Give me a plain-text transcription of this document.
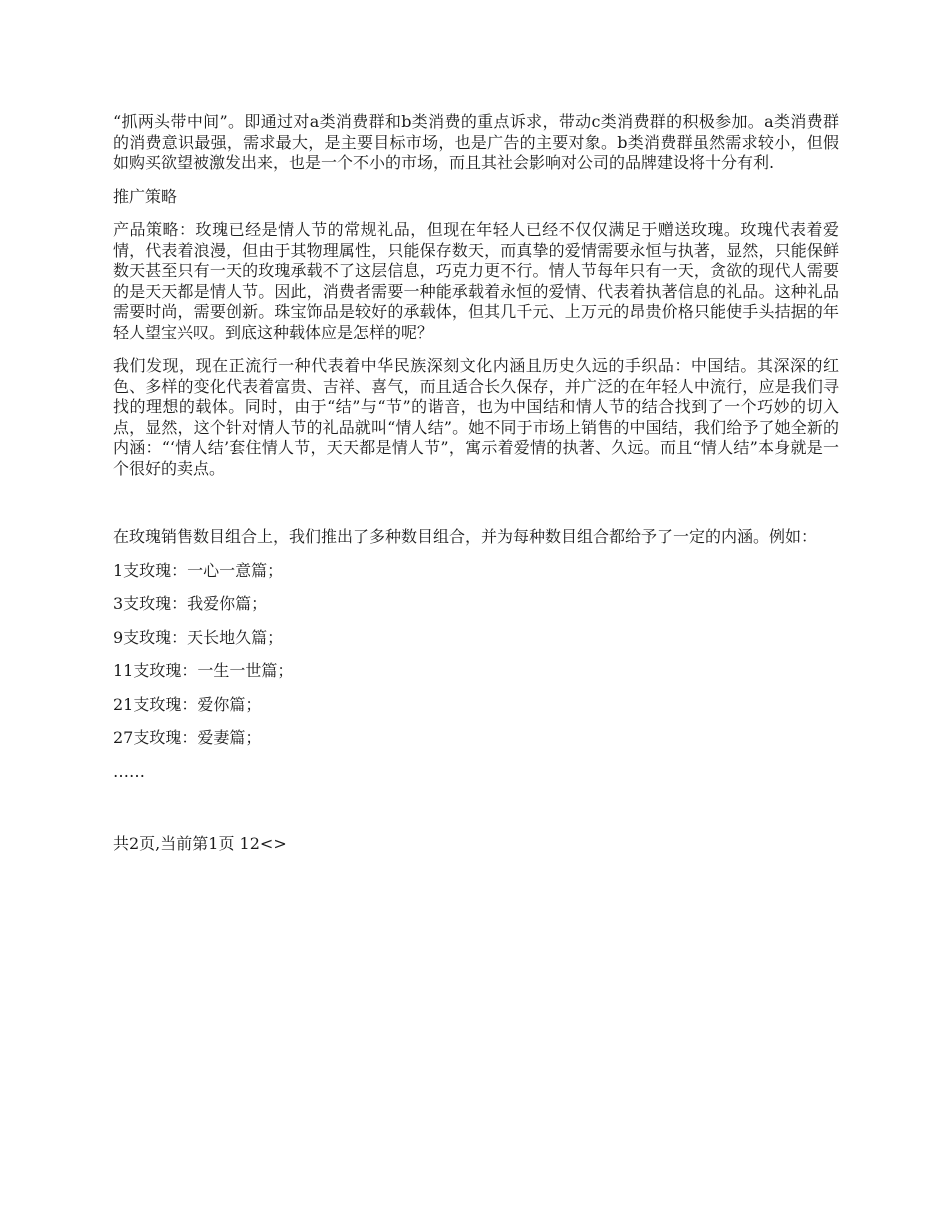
“抓两头带中间”。即通过对a类消费群和b类消费的重点诉求，带动c类消费群的积极参加。a类消费群的消费意识最强，需求最大，是主要目标市场，也是广告的主要对象。b类消费群虽然需求较小，但假如购买欲望被激发出来，也是一个不小的市场，而且其社会影响对公司的品牌建设将十分有利.

推广策略

产品策略：玫瑰已经是情人节的常规礼品，但现在年轻人已经不仅仅满足于赠送玫瑰。玫瑰代表着爱情，代表着浪漫，但由于其物理属性，只能保存数天，而真挚的爱情需要永恒与执著，显然，只能保鲜数天甚至只有一天的玫瑰承载不了这层信息，巧克力更不行。情人节每年只有一天，贪欲的现代人需要的是天天都是情人节。因此，消费者需要一种能承载着永恒的爱情、代表着执著信息的礼品。这种礼品需要时尚，需要创新。珠宝饰品是较好的承载体，但其几千元、上万元的昂贵价格只能使手头拮据的年轻人望宝兴叹。到底这种载体应是怎样的呢？

我们发现，现在正流行一种代表着中华民族深刻文化内涵且历史久远的手织品：中国结。其深深的红色、多样的变化代表着富贵、吉祥、喜气，而且适合长久保存，并广泛的在年轻人中流行，应是我们寻找的理想的载体。同时，由于“结”与“节”的谐音，也为中国结和情人节的结合找到了一个巧妙的切入点，显然，这个针对情人节的礼品就叫“情人结”。她不同于市场上销售的中国结，我们给予了她全新的内涵：“‘情人结’套住情人节，天天都是情人节”，寓示着爱情的执著、久远。而且“情人结”本身就是一个很好的卖点。

在玫瑰销售数目组合上，我们推出了多种数目组合，并为每种数目组合都给予了一定的内涵。例如：

1支玫瑰：一心一意篇；

3支玫瑰：我爱你篇；

9支玫瑰：天长地久篇；

11支玫瑰：一生一世篇；

21支玫瑰：爱你篇；

27支玫瑰：爱妻篇；

……

共2页,当前第1页 12<>
